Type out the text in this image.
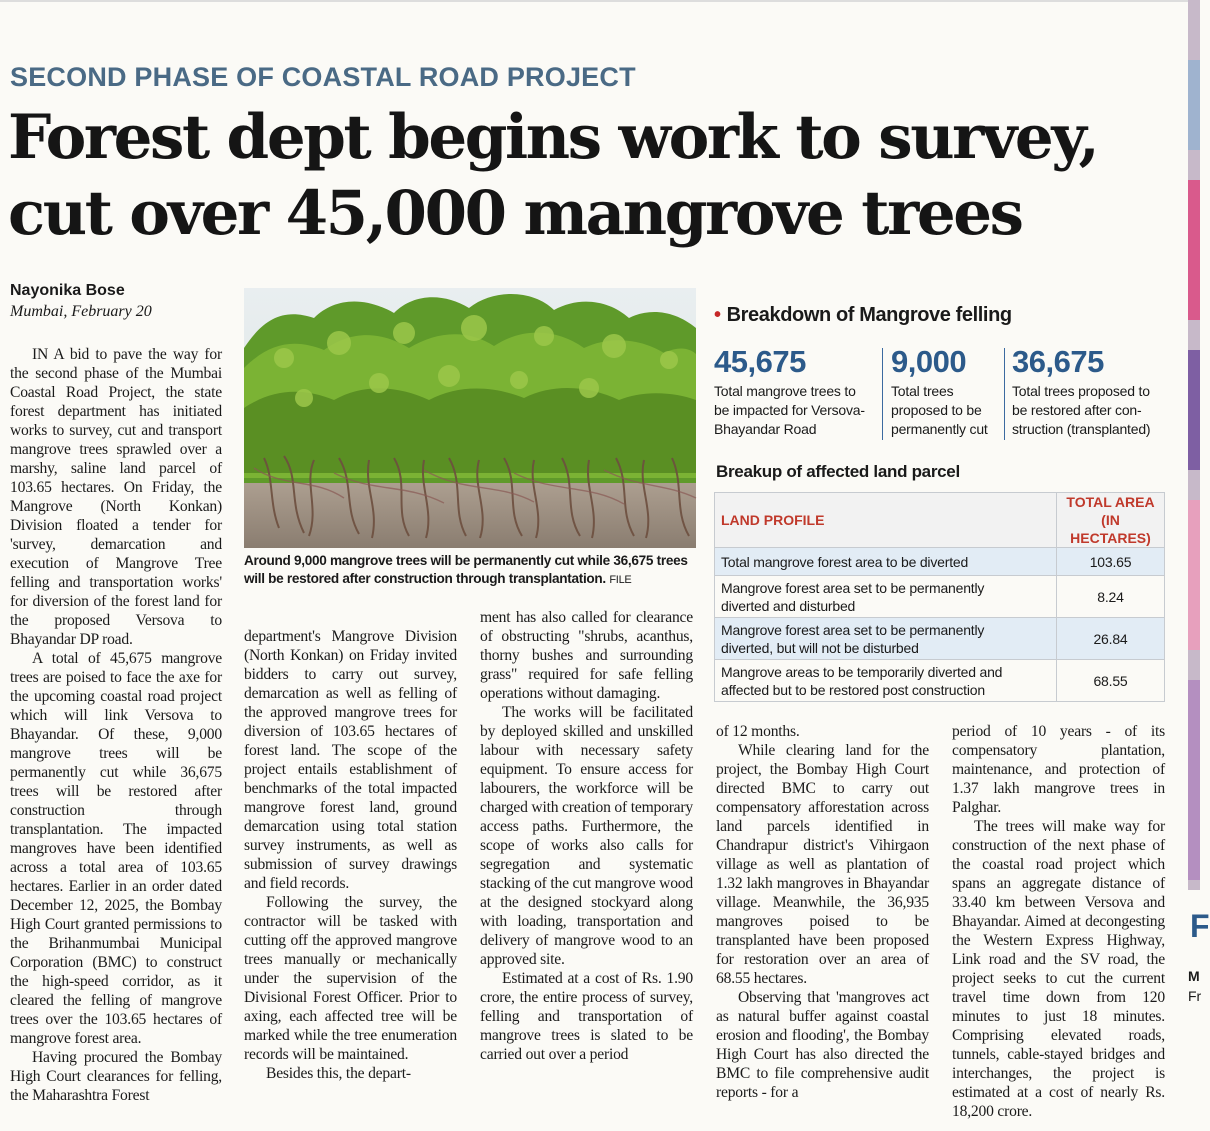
SECOND PHASE OF COASTAL ROAD PROJECT
Forest dept begins work to survey,
cut over 45,000 mangrove trees
Nayonika Bose
Mumbai, February 20

IN A bid to pave the way for the second phase of the Mumbai Coastal Road Project, the state forest department has initiated works to survey, cut and transport mangrove trees sprawled over a marshy, saline land parcel of 103.65 hectares. On Friday, the Mangrove (North Konkan) Division floated a tender for 'survey, demarcation and execution of Mangrove Tree felling and transportation works' for diversion of the forest land for the proposed Versova to Bhayandar DP road.

A total of 45,675 mangrove trees are poised to face the axe for the upcoming coastal road project which will link Versova to Bhayandar. Of these, 9,000 mangrove trees will be permanently cut while 36,675 trees will be restored after construction through transplantation. The impacted mangroves have been identified across a total area of 103.65 hectares. Earlier in an order dated December 12, 2025, the Bombay High Court granted permissions to the Brihanmumbai Municipal Corporation (BMC) to construct the high-speed corridor, as it cleared the felling of mangrove trees over the 103.65 hectares of mangrove forest area.

Having procured the Bombay High Court clearances for felling, the Maharashtra Forest

Around 9,000 mangrove trees will be permanently cut while 36,675 trees will be restored after construction through transplantation. FILE

department's Mangrove Division (North Konkan) on Friday invited bidders to carry out survey, demarcation as well as felling of the approved mangrove trees for diversion of 103.65 hectares of forest land. The scope of the project entails establishment of benchmarks of the total impacted mangrove forest land, ground demarcation using total station survey instruments, as well as submission of survey drawings and field records.

Following the survey, the contractor will be tasked with cutting off the approved mangrove trees manually or mechanically under the supervision of the Divisional Forest Officer. Prior to axing, each affected tree will be marked while the tree enumeration records will be maintained.

Besides this, the depart-

ment has also called for clearance of obstructing "shrubs, acanthus, thorny bushes and surrounding grass" required for safe felling operations without damaging.

The works will be facilitated by deployed skilled and unskilled labour with necessary safety equipment. To ensure access for labourers, the workforce will be charged with creation of temporary access paths. Furthermore, the scope of works also calls for segregation and systematic stacking of the cut mangrove wood at the designed stockyard along with loading, transportation and delivery of mangrove wood to an approved site.

Estimated at a cost of Rs. 1.90 crore, the entire process of survey, felling and transportation of mangrove trees is slated to be carried out over a period

of 12 months.

While clearing land for the project, the Bombay High Court directed BMC to carry out compensatory afforestation across land parcels identified in Chandrapur district's Vihirgaon village as well as plantation of 1.32 lakh mangroves in Bhayandar village. Meanwhile, the 36,935 mangroves poised to be transplanted have been proposed for restoration over an area of 68.55 hectares.

Observing that 'mangroves act as natural buffer against coastal erosion and flooding', the Bombay High Court has also directed the BMC to file comprehensive audit reports - for a

period of 10 years - of its compensatory plantation, maintenance, and protection of 1.37 lakh mangrove trees in Palghar.

The trees will make way for construction of the next phase of the coastal road project which spans an aggregate distance of 33.40 km between Versova and Bhayandar. Aimed at decongesting the Western Express Highway, Link road and the SV road, the project seeks to cut the current travel time down from 120 minutes to just 18 minutes. Comprising elevated roads, tunnels, cable-stayed bridges and interchanges, the project is estimated at a cost of nearly Rs. 18,200 crore.

• Breakdown of Mangrove felling
45,675
Total mangrove trees to
be impacted for Versova-
Bhayandar Road
9,000
Total trees
proposed to be
permanently cut
36,675
Total trees proposed to
be restored after con-
struction (transplanted)
Breakup of affected land parcel
LAND PROFILE	TOTAL AREA
(IN HECTARES)

Total mangrove forest area to be diverted	103.65

Mangrove forest area set to be permanently
diverted and disturbed	8.24

Mangrove forest area set to be permanently
diverted, but will not be disturbed	26.84

Mangrove areas to be temporarily diverted and
affected but to be restored post construction	68.55
F
M
Fr
